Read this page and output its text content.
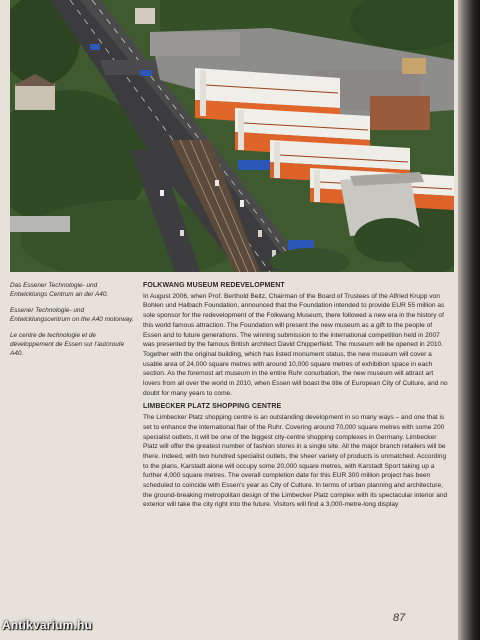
Das Essener Technologie- und Entwicklungs Centrum an der A40.

Essener Technologie- und Entwicklungscentrum on the A40 motorway.

Le centre de technologie et de développement de Essen sur l'autoroute A40.

FOLKWANG MUSEUM REDEVELOPMENT

In August 2006, when Prof. Berthold Beitz, Chairman of the Board of Trustees of the Alfried Krupp von Bohlen und Halbach Foundation, announced that the Foundation intended to provide EUR 55 million as sole sponsor for the redevelopment of the Folkwang Museum, there followed a new era in the history of this world famous attraction. The Foundation will present the new museum as a gift to the people of Essen and to future generations. The winning submission to the international competition held in 2007 was presented by the famous British architect David Chipperfield. The museum will be opened in 2010. Together with the original building, which has listed monument status, the new museum will cover a usable area of 24,000 square metres with around 10,000 square metres of exhibition space in each section. As the foremost art museum in the entire Ruhr conurbation, the new museum will attract art lovers from all over the world in 2010, when Essen will boast the title of European City of Culture, and no doubt for many years to come.

LIMBECKER PLATZ SHOPPING CENTRE

The Limbecker Platz shopping centre is an outstanding development in so many ways – and one that is set to enhance the international flair of the Ruhr. Covering around 70,000 square metres with some 200 specialist outlets, it will be one of the biggest city-centre shopping complexes in Germany. Limbecker Platz will offer the greatest number of fashion stores in a single site. All the major branch retailers will be there. Indeed, with two hundred specialist outlets, the sheer variety of products is unmatched. According to the plans, Karstadt alone will occupy some 20,000 square metres, with Karstadt Sport taking up a further 4,000 square metres. The overall completion date for this EUR 300 million project has been scheduled to coincide with Essen's year as City of Culture. In terms of urban planning and architecture, the ground-breaking metropolitan design of the Limbecker Platz complex with its spectacular interior and exterior will take the city right into the future. Visitors will find a 3,000-metre-long display

87
Antikvarium.hu
